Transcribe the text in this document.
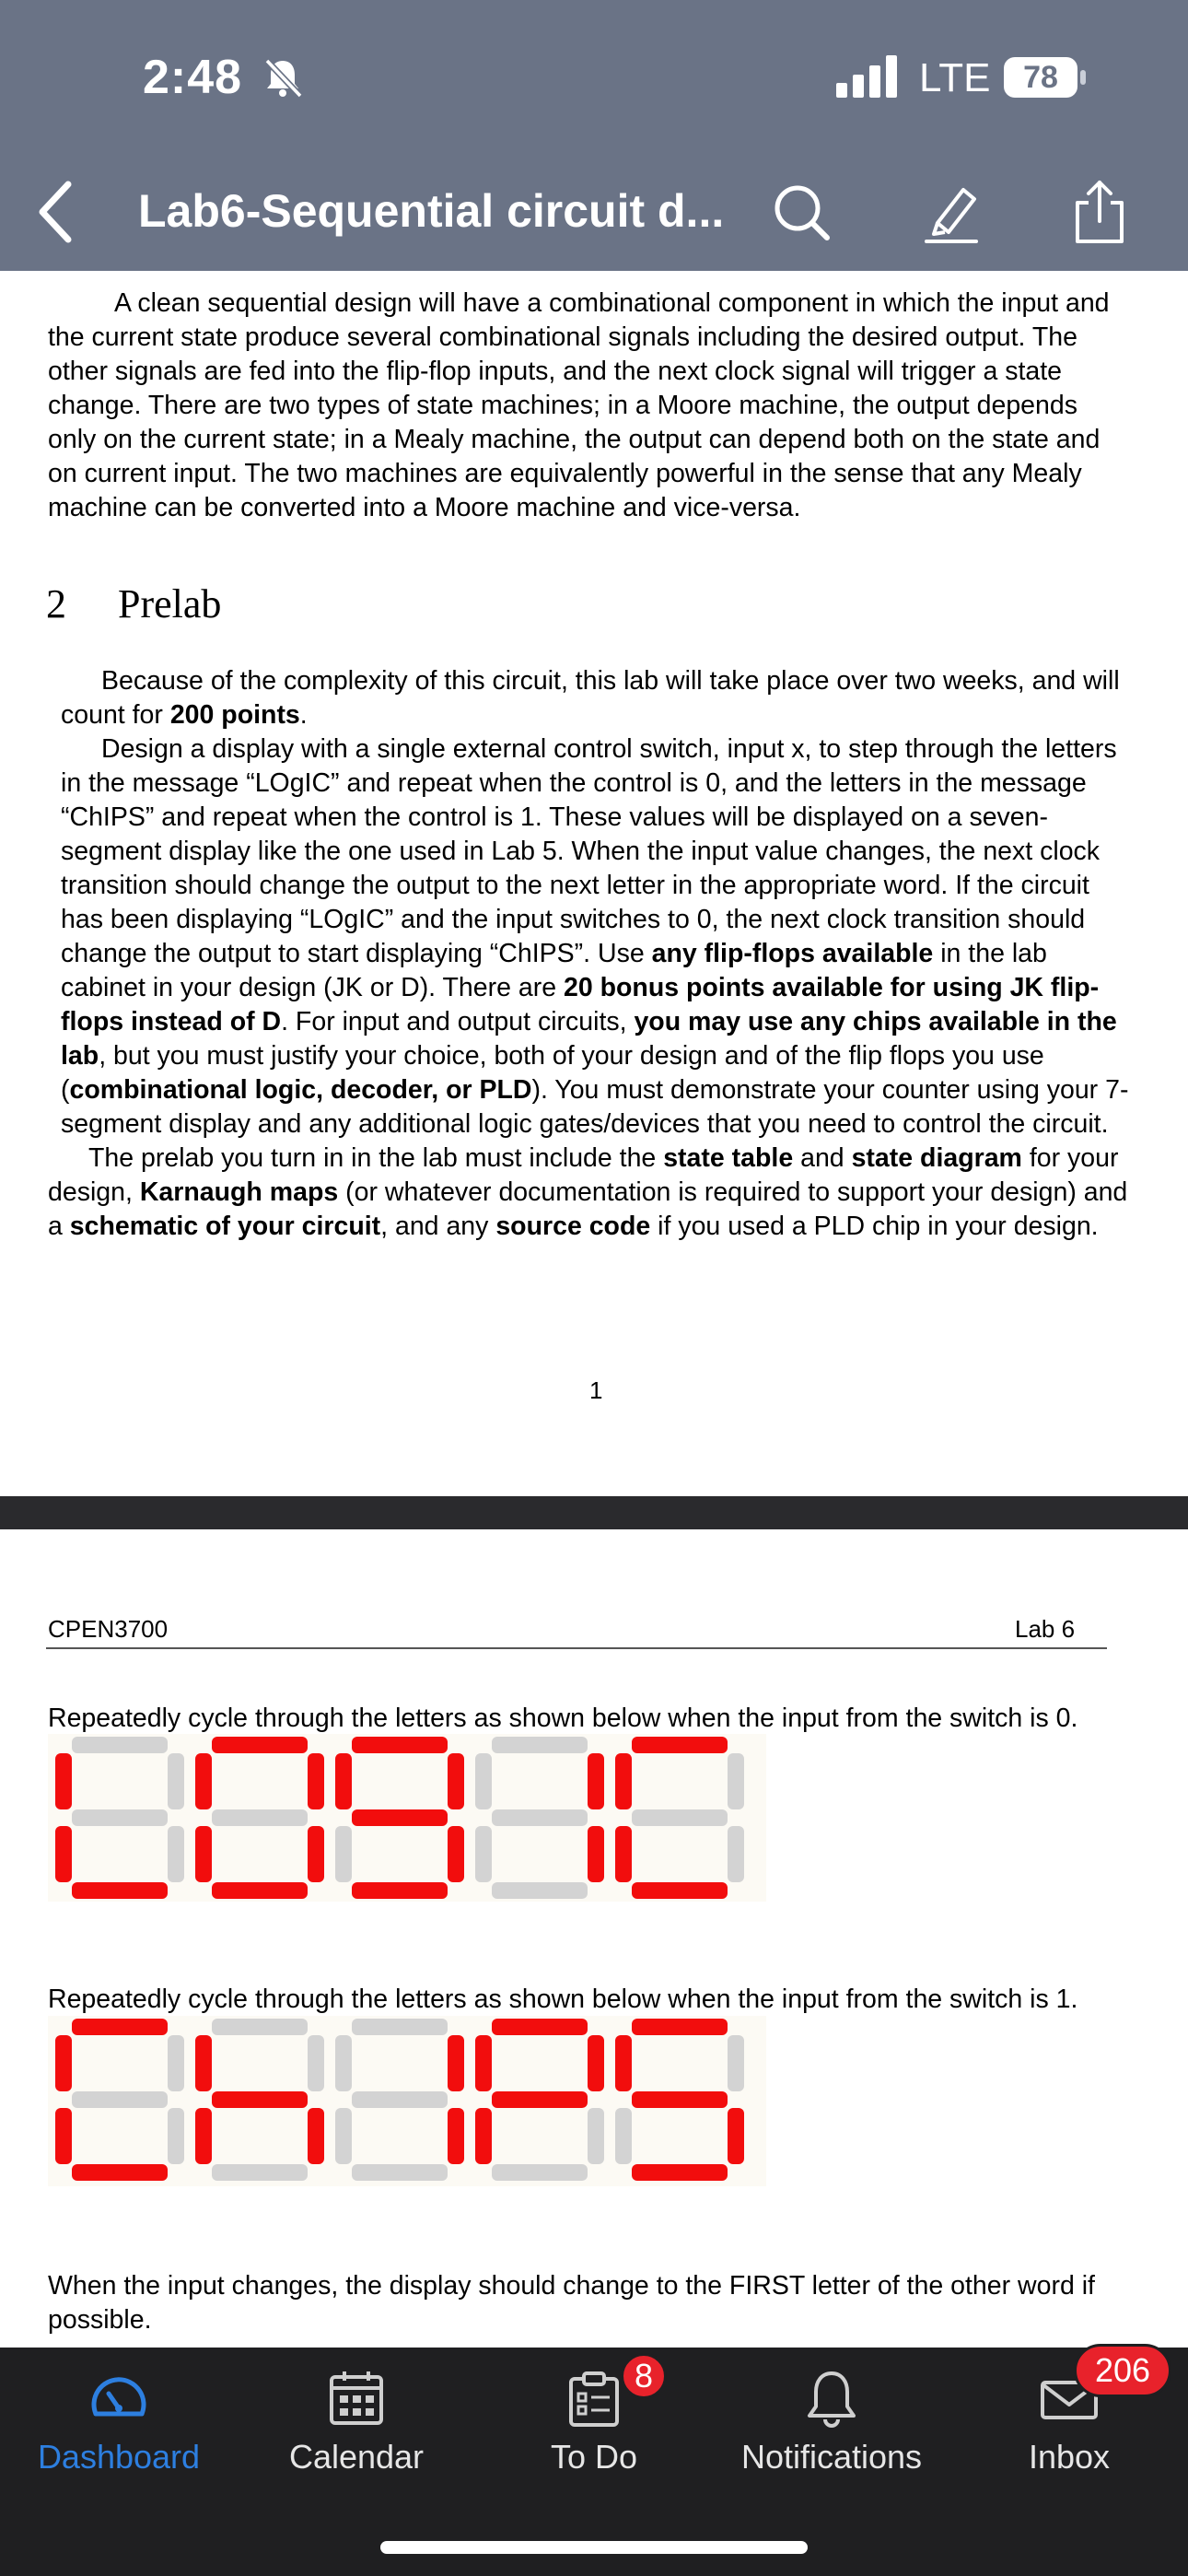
2:48	LTE	78
Lab6-Sequential circuit d...

A clean sequential design will have a combinational component in which the input and the current state produce several combinational signals including the desired output. The other signals are fed into the flip-flop inputs, and the next clock signal will trigger a state change. There are two types of state machines; in a Moore machine, the output depends only on the current state; in a Mealy machine, the output can depend both on the state and on current input. The two machines are equivalently powerful in the sense that any Mealy machine can be converted into a Moore machine and vice-versa.

2 Prelab

Because of the complexity of this circuit, this lab will take place over two weeks, and will count for 200 points.

Design a display with a single external control switch, input x, to step through the letters in the message “LOgIC” and repeat when the control is 0, and the letters in the message “ChIPS” and repeat when the control is 1. These values will be displayed on a seven-segment display like the one used in Lab 5. When the input value changes, the next clock transition should change the output to the next letter in the appropriate word. If the circuit has been displaying “LOgIC” and the input switches to 0, the next clock transition should change the output to start displaying “ChIPS”. Use any flip-flops available in the lab cabinet in your design (JK or D). There are 20 bonus points available for using JK flip-flops instead of D. For input and output circuits, you may use any chips available in the lab, but you must justify your choice, both of your design and of the flip flops you use (combinational logic, decoder, or PLD). You must demonstrate your counter using your 7-segment display and any additional logic gates/devices that you need to control the circuit.

The prelab you turn in in the lab must include the state table and state diagram for your design, Karnaugh maps (or whatever documentation is required to support your design) and a schematic of your circuit, and any source code if you used a PLD chip in your design.

1
CPEN3700	Lab 6

Repeatedly cycle through the letters as shown below when the input from the switch is 0.

Repeatedly cycle through the letters as shown below when the input from the switch is 1.

When the input changes, the display should change to the FIRST letter of the other word if possible.

Dashboard	Calendar
8
To Do	Notifications
206
Inbox
